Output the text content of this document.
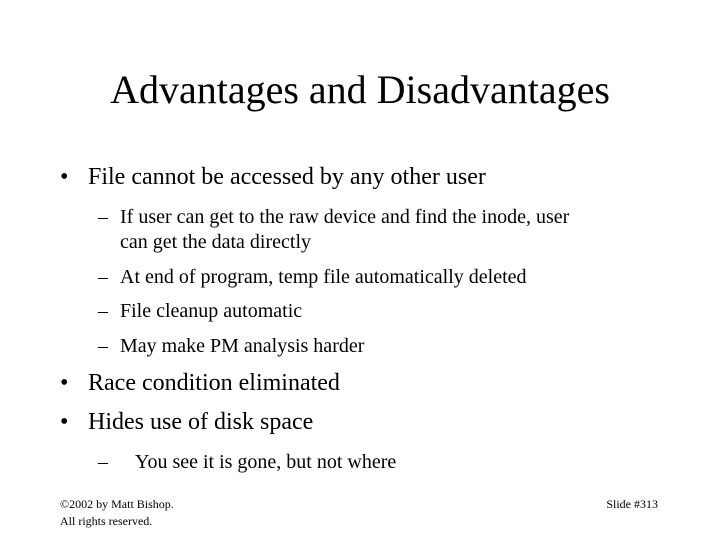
Advantages and Disadvantages
• File cannot be accessed by any other user
– If user can get to the raw device and find the inode, user
can get the data directly
– At end of program, temp file automatically deleted
– File cleanup automatic
– May make PM analysis harder
• Race condition eliminated
• Hides use of disk space
– You see it is gone, but not where
©2002 by Matt Bishop.
All rights reserved.
Slide #313
